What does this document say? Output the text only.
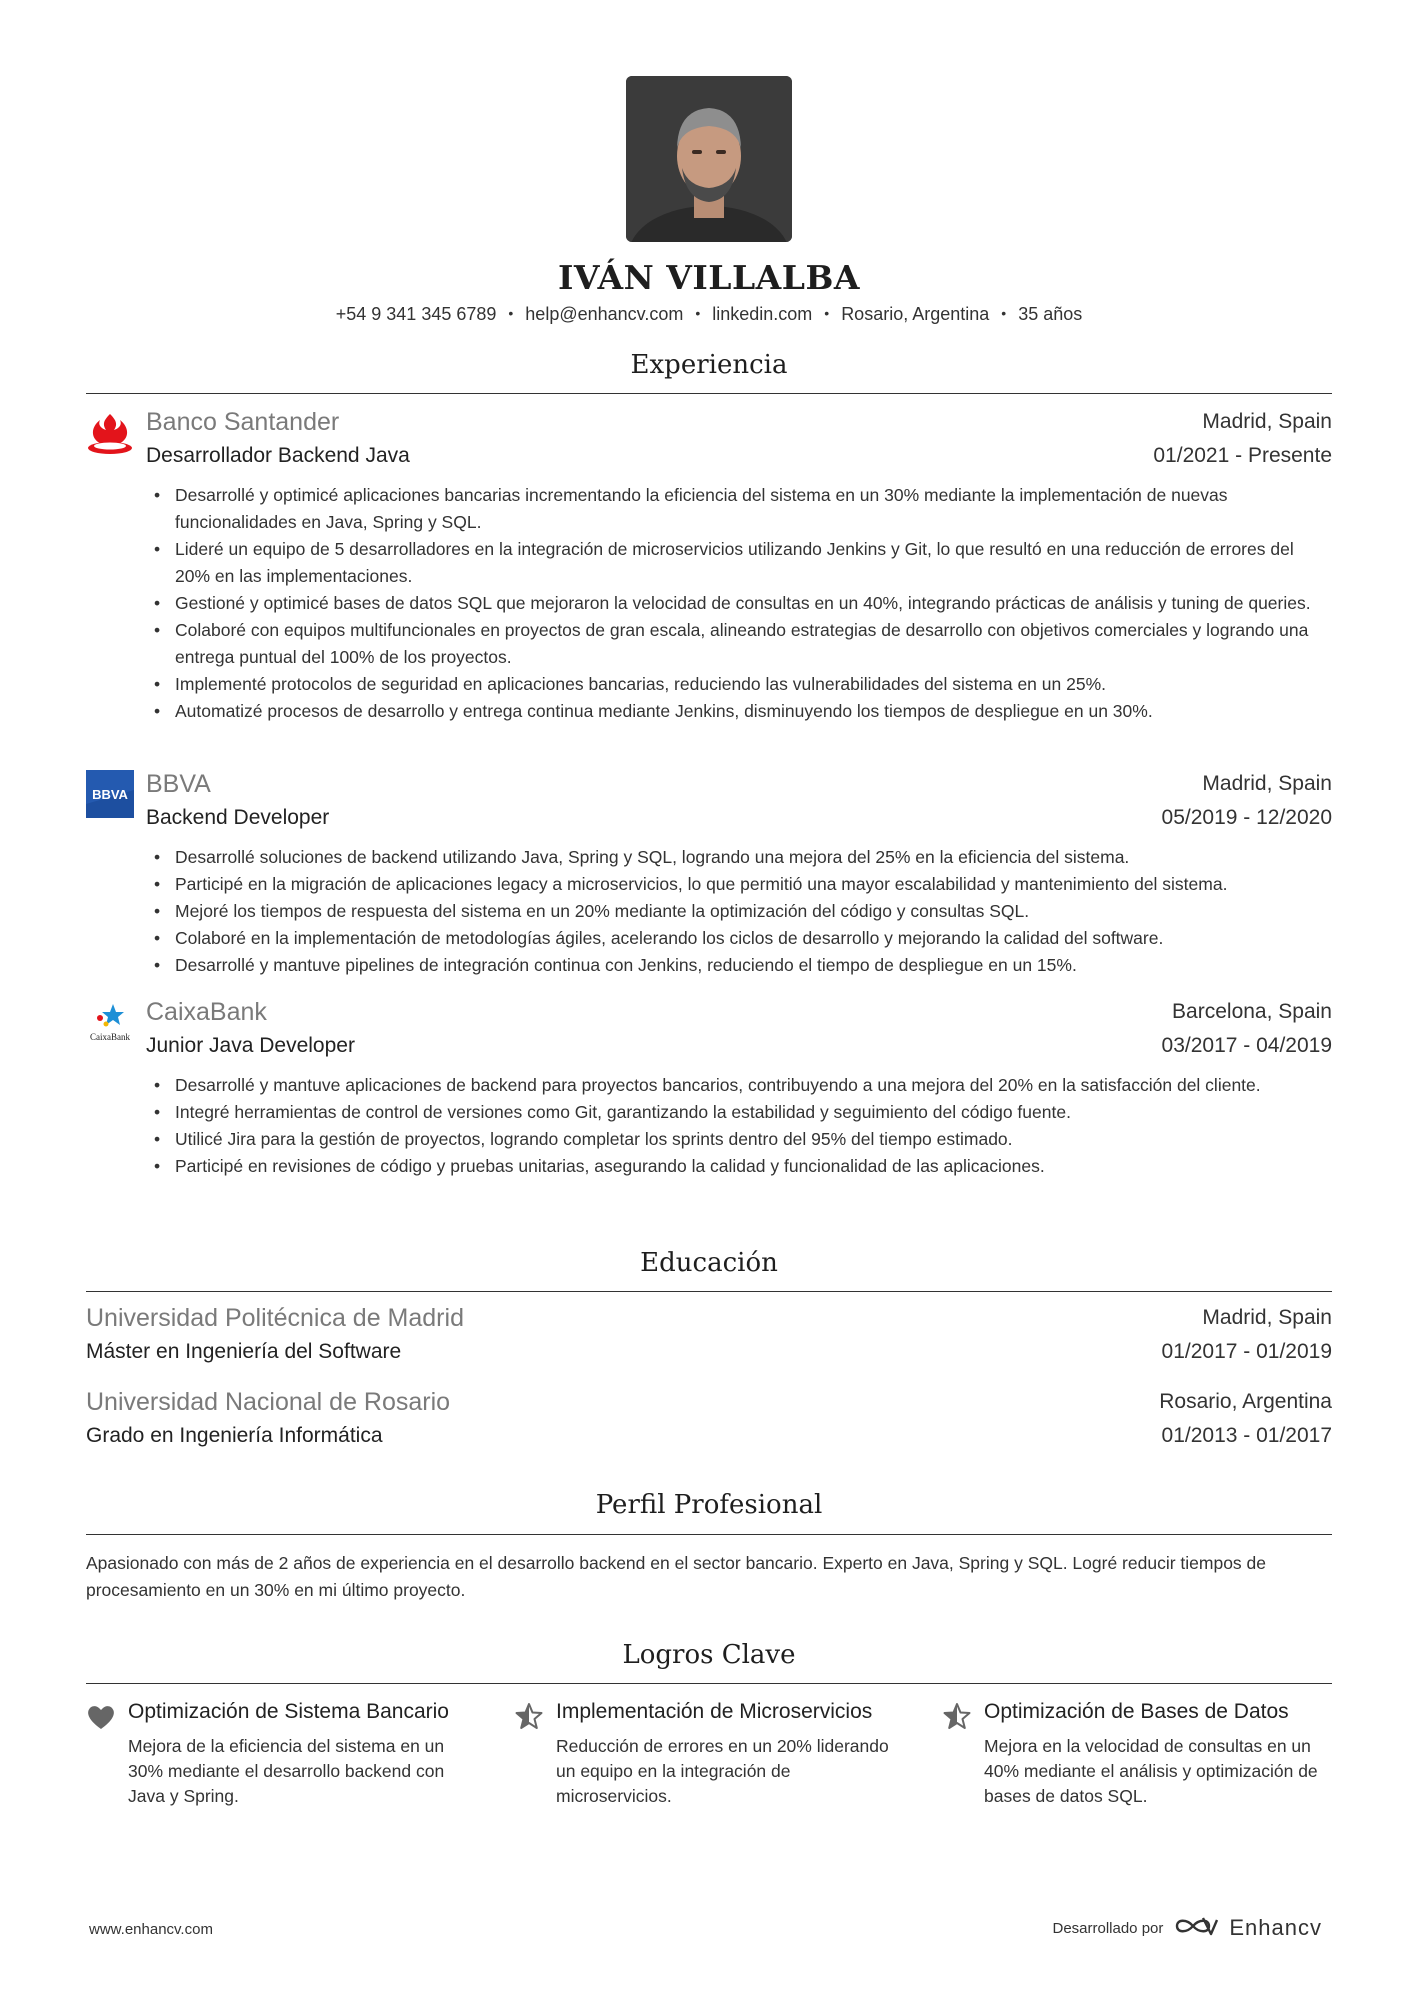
IVÁN VILLALBA
+54 9 341 345 6789 • help@enhancv.com • linkedin.com • Rosario, Argentina • 35 años
Experiencia
Banco Santander	Madrid, Spain
Desarrollador Backend Java	01/2021 - Presente
• Desarrollé y optimicé aplicaciones bancarias incrementando la eficiencia del sistema en un 30% mediante la implementación de nuevas funcionalidades en Java, Spring y SQL.
• Lideré un equipo de 5 desarrolladores en la integración de microservicios utilizando Jenkins y Git, lo que resultó en una reducción de errores del 20% en las implementaciones.
• Gestioné y optimicé bases de datos SQL que mejoraron la velocidad de consultas en un 40%, integrando prácticas de análisis y tuning de queries.
• Colaboré con equipos multifuncionales en proyectos de gran escala, alineando estrategias de desarrollo con objetivos comerciales y logrando una entrega puntual del 100% de los proyectos.
• Implementé protocolos de seguridad en aplicaciones bancarias, reduciendo las vulnerabilidades del sistema en un 25%.
• Automatizé procesos de desarrollo y entrega continua mediante Jenkins, disminuyendo los tiempos de despliegue en un 30%.
BBVA BBVA	Madrid, Spain
Backend Developer	05/2019 - 12/2020
• Desarrollé soluciones de backend utilizando Java, Spring y SQL, logrando una mejora del 25% en la eficiencia del sistema.
• Participé en la migración de aplicaciones legacy a microservicios, lo que permitió una mayor escalabilidad y mantenimiento del sistema.
• Mejoré los tiempos de respuesta del sistema en un 20% mediante la optimización del código y consultas SQL.
• Colaboré en la implementación de metodologías ágiles, acelerando los ciclos de desarrollo y mejorando la calidad del software.
• Desarrollé y mantuve pipelines de integración continua con Jenkins, reduciendo el tiempo de despliegue en un 15%.
CaixaBank
CaixaBank	Barcelona, Spain
Junior Java Developer	03/2017 - 04/2019
• Desarrollé y mantuve aplicaciones de backend para proyectos bancarios, contribuyendo a una mejora del 20% en la satisfacción del cliente.
• Integré herramientas de control de versiones como Git, garantizando la estabilidad y seguimiento del código fuente.
• Utilicé Jira para la gestión de proyectos, logrando completar los sprints dentro del 95% del tiempo estimado.
• Participé en revisiones de código y pruebas unitarias, asegurando la calidad y funcionalidad de las aplicaciones.
Educación
Universidad Politécnica de Madrid	Madrid, Spain
Máster en Ingeniería del Software	01/2017 - 01/2019
Universidad Nacional de Rosario	Rosario, Argentina
Grado en Ingeniería Informática	01/2013 - 01/2017
Perfil Profesional
Apasionado con más de 2 años de experiencia en el desarrollo backend en el sector bancario. Experto en Java, Spring y SQL. Logré reducir tiempos de procesamiento en un 30% en mi último proyecto.
Logros Clave
Optimización de Sistema Bancario
Mejora de la eficiencia del sistema en un 30% mediante el desarrollo backend con Java y Spring.
Implementación de Microservicios
Reducción de errores en un 20% liderando un equipo en la integración de microservicios.
Optimización de Bases de Datos
Mejora en la velocidad de consultas en un 40% mediante el análisis y optimización de bases de datos SQL.
www.enhancv.com	Desarrollado por	Enhancv
